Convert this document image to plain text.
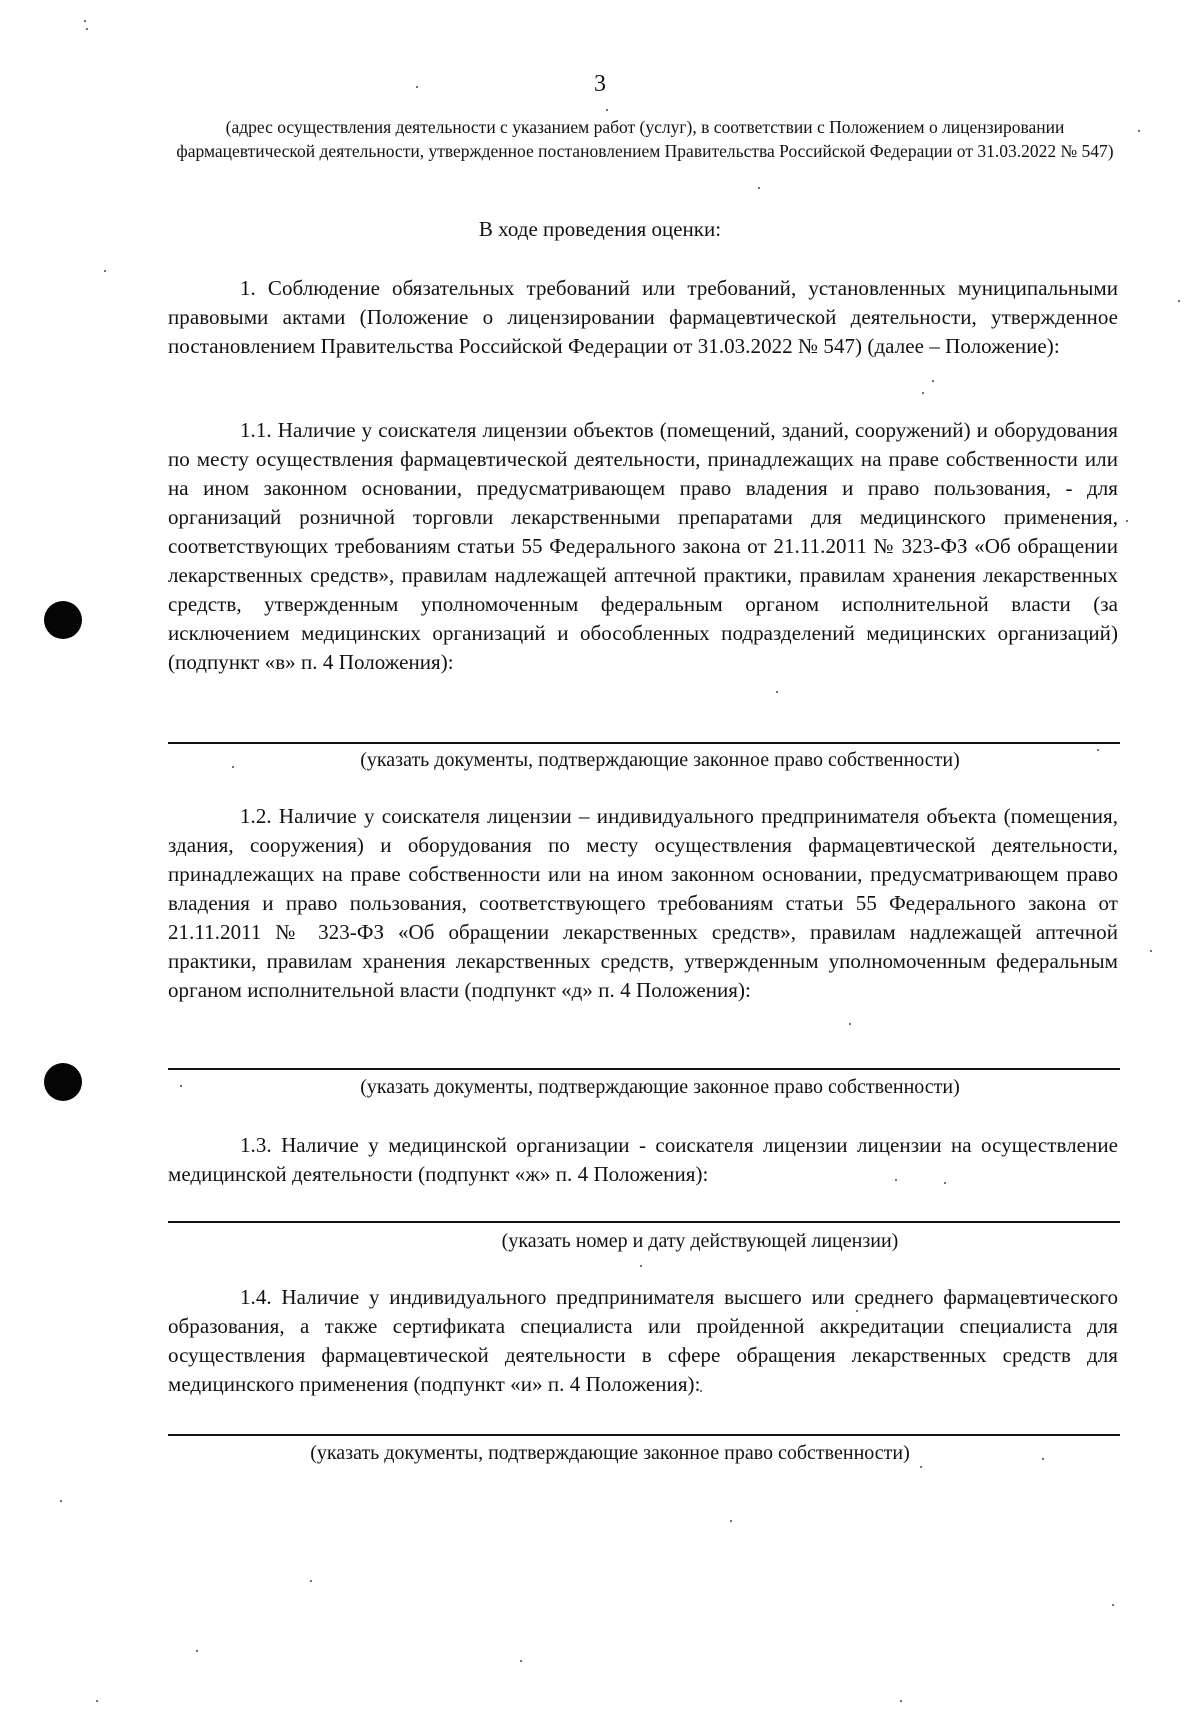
3
(адрес осуществления деятельности с указанием работ (услуг), в соответствии с Положением о лицензировании фармацевтической деятельности, утвержденное постановлением Правительства Российской Федерации от 31.03.2022 № 547)
В ходе проведения оценки:
1. Соблюдение обязательных требований или требований, установленных муниципальными правовыми актами (Положение о лицензировании фармацевтической деятельности, утвержденное постановлением Правительства Российской Федерации от 31.03.2022 № 547) (далее – Положение):
1.1. Наличие у соискателя лицензии объектов (помещений, зданий, сооружений) и оборудования по месту осуществления фармацевтической деятельности, принадлежащих на праве собственности или на ином законном основании, предусматривающем право владения и право пользования, - для организаций розничной торговли лекарственными препаратами для медицинского применения, соответствующих требованиям статьи 55 Федерального закона от 21.11.2011 № 323-ФЗ «Об обращении лекарственных средств», правилам надлежащей аптечной практики, правилам хранения лекарственных средств, утвержденным уполномоченным федеральным органом исполнительной власти (за исключением медицинских организаций и обособленных подразделений медицинских организаций) (подпункт «в» п. 4 Положения):
(указать документы, подтверждающие законное право собственности)
1.2. Наличие у соискателя лицензии – индивидуального предпринимателя объекта (помещения, здания, сооружения) и оборудования по месту осуществления фармацевтической деятельности, принадлежащих на праве собственности или на ином законном основании, предусматривающем право владения и право пользования, соответствующего требованиям статьи 55 Федерального закона от 21.11.2011 № 323-ФЗ «Об обращении лекарственных средств», правилам надлежащей аптечной практики, правилам хранения лекарственных средств, утвержденным уполномоченным федеральным органом исполнительной власти (подпункт «д» п. 4 Положения):
(указать документы, подтверждающие законное право собственности)
1.3. Наличие у медицинской организации - соискателя лицензии лицензии на осуществление медицинской деятельности (подпункт «ж» п. 4 Положения):
(указать номер и дату действующей лицензии)
1.4. Наличие у индивидуального предпринимателя высшего или среднего фармацевтического образования, а также сертификата специалиста или пройденной аккредитации специалиста для осуществления фармацевтической деятельности в сфере обращения лекарственных средств для медицинского применения (подпункт «и» п. 4 Положения):
(указать документы, подтверждающие законное право собственности)
